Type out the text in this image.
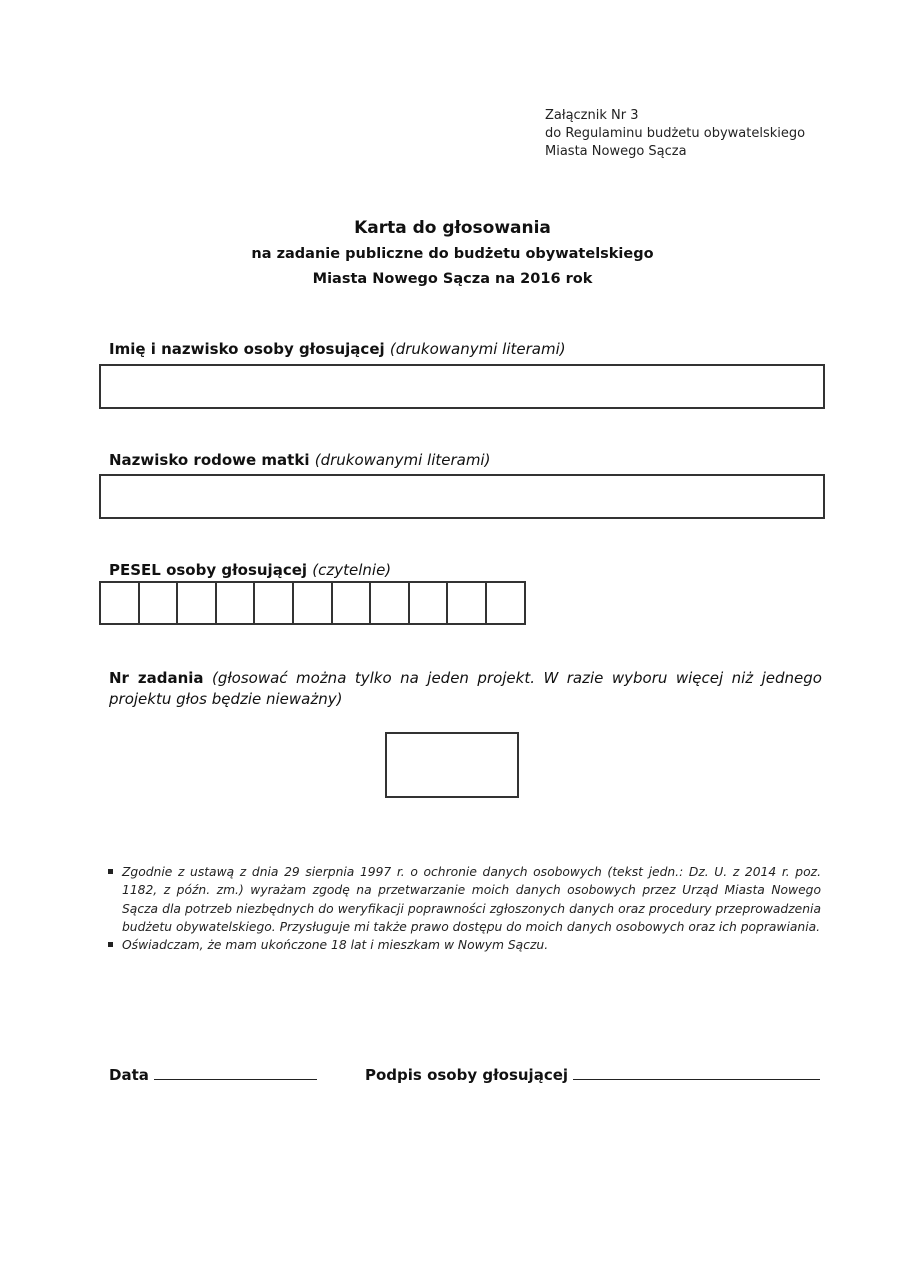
Załącznik Nr 3
do Regulaminu budżetu obywatelskiego
Miasta Nowego Sącza
Karta do głosowania
na zadanie publiczne do budżetu obywatelskiego
Miasta Nowego Sącza na 2016 rok
Imię i nazwisko osoby głosującej (drukowanymi literami)
Nazwisko rodowe matki (drukowanymi literami)
PESEL osoby głosującej (czytelnie)
Nr zadania (głosować można tylko na jeden projekt. W razie wyboru więcej niż jednego projektu głos będzie nieważny)
Zgodnie z ustawą z dnia 29 sierpnia 1997 r. o ochronie danych osobowych (tekst jedn.: Dz. U. z 2014 r. poz. 1182, z późn. zm.) wyrażam zgodę na przetwarzanie moich danych osobowych przez Urząd Miasta Nowego Sącza dla potrzeb niezbędnych do weryfikacji poprawności zgłoszonych danych oraz procedury przeprowadzenia budżetu obywatelskiego. Przysługuje mi także prawo dostępu do moich danych osobowych oraz ich poprawiania.
Oświadczam, że mam ukończone 18 lat i mieszkam w Nowym Sączu.
Data	Podpis osoby głosującej
